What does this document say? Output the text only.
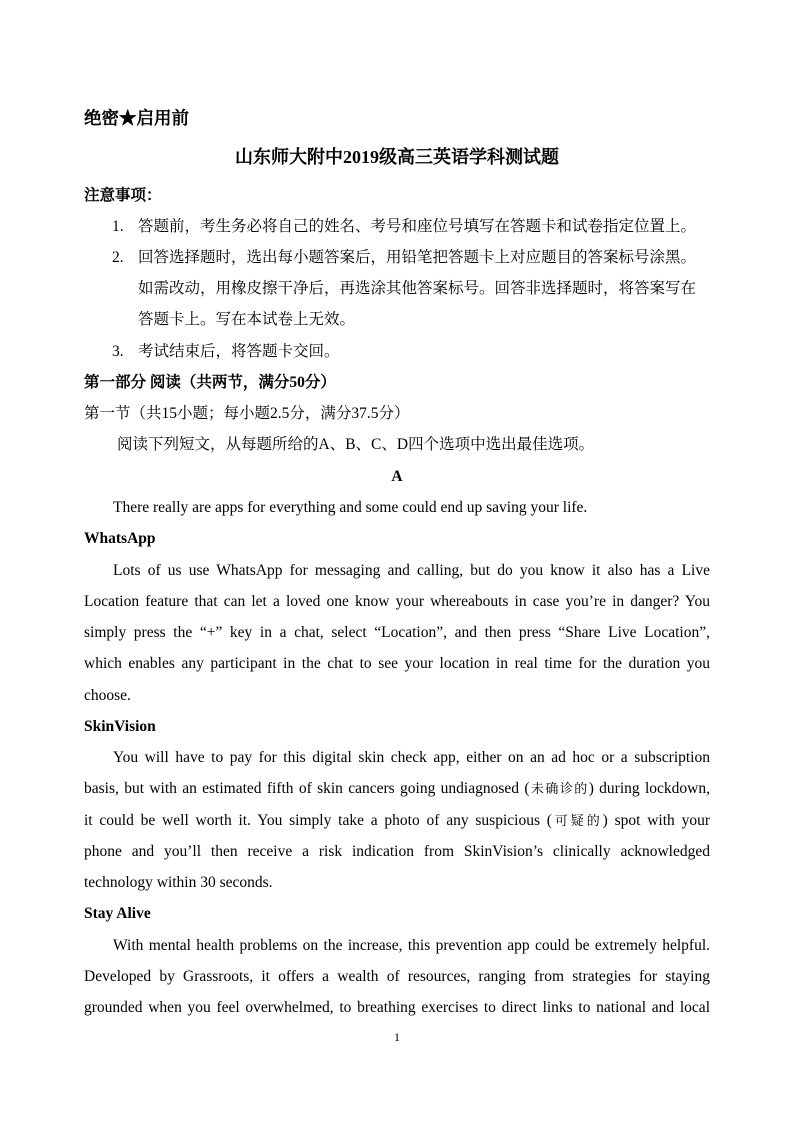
绝密★启用前
山东师大附中2019级高三英语学科测试题
注意事项：
1. 答题前，考生务必将自己的姓名、考号和座位号填写在答题卡和试卷指定位置上。
2. 回答选择题时，选出每小题答案后，用铅笔把答题卡上对应题目的答案标号涂黑。
如需改动，用橡皮擦干净后，再选涂其他答案标号。回答非选择题时，将答案写在
答题卡上。写在本试卷上无效。
3. 考试结束后，将答题卡交回。
第一部分 阅读（共两节，满分50分）
第一节（共15小题；每小题2.5分，满分37.5分）
阅读下列短文，从每题所给的A、B、C、D四个选项中选出最佳选项。
A
There really are apps for everything and some could end up saving your life.
WhatsApp
Lots of us use WhatsApp for messaging and calling, but do you know it also has a Live
Location feature that can let a loved one know your whereabouts in case you’re in danger? You
simply press the “+” key in a chat, select “Location”, and then press “Share Live Location”,
which enables any participant in the chat to see your location in real time for the duration you
choose.
SkinVision
You will have to pay for this digital skin check app, either on an ad hoc or a subscription
basis, but with an estimated fifth of skin cancers going undiagnosed (未确诊的) during lockdown,
it could be well worth it. You simply take a photo of any suspicious (可疑的) spot with your
phone and you’ll then receive a risk indication from SkinVision’s clinically acknowledged
technology within 30 seconds.
Stay Alive
With mental health problems on the increase, this prevention app could be extremely helpful.
Developed by Grassroots, it offers a wealth of resources, ranging from strategies for staying
grounded when you feel overwhelmed, to breathing exercises to direct links to national and local
1
